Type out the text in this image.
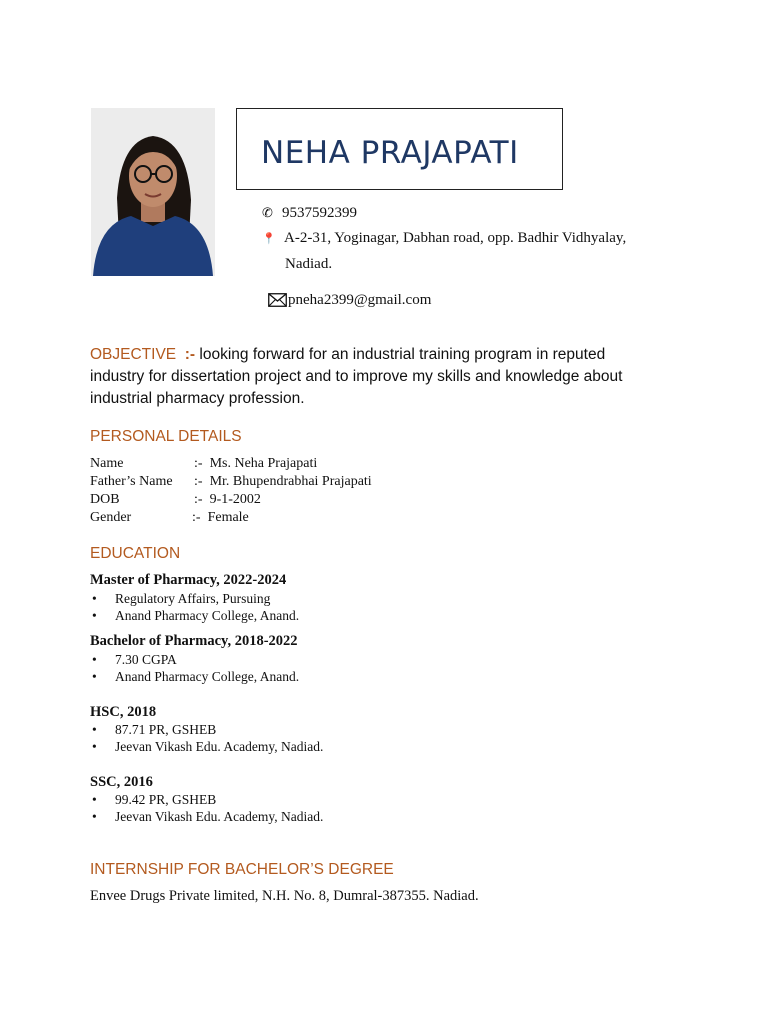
NEHA PRAJAPATI
✆ 9537592399
📍 A-2-31, Yoginagar, Dabhan road, opp. Badhir Vidhyalay,
Nadiad.
pneha2399@gmail.com
OBJECTIVE :- looking forward for an industrial training program in reputed
industry for dissertation project and to improve my skills and knowledge about
industrial pharmacy profession.
PERSONAL DETAILS
Name	:- Ms. Neha Prajapati
Father’s Name :- Mr. Bhupendrabhai Prajapati
DOB	:- 9-1-2002
Gender	:- Female
EDUCATION
Master of Pharmacy, 2022-2024
• Regulatory Affairs, Pursuing
• Anand Pharmacy College, Anand.
Bachelor of Pharmacy, 2018-2022
• 7.30 CGPA
• Anand Pharmacy College, Anand.
HSC, 2018
• 87.71 PR, GSHEB
• Jeevan Vikash Edu. Academy, Nadiad.
SSC, 2016
• 99.42 PR, GSHEB
• Jeevan Vikash Edu. Academy, Nadiad.
INTERNSHIP FOR BACHELOR’S DEGREE
Envee Drugs Private limited, N.H. No. 8, Dumral-387355. Nadiad.
